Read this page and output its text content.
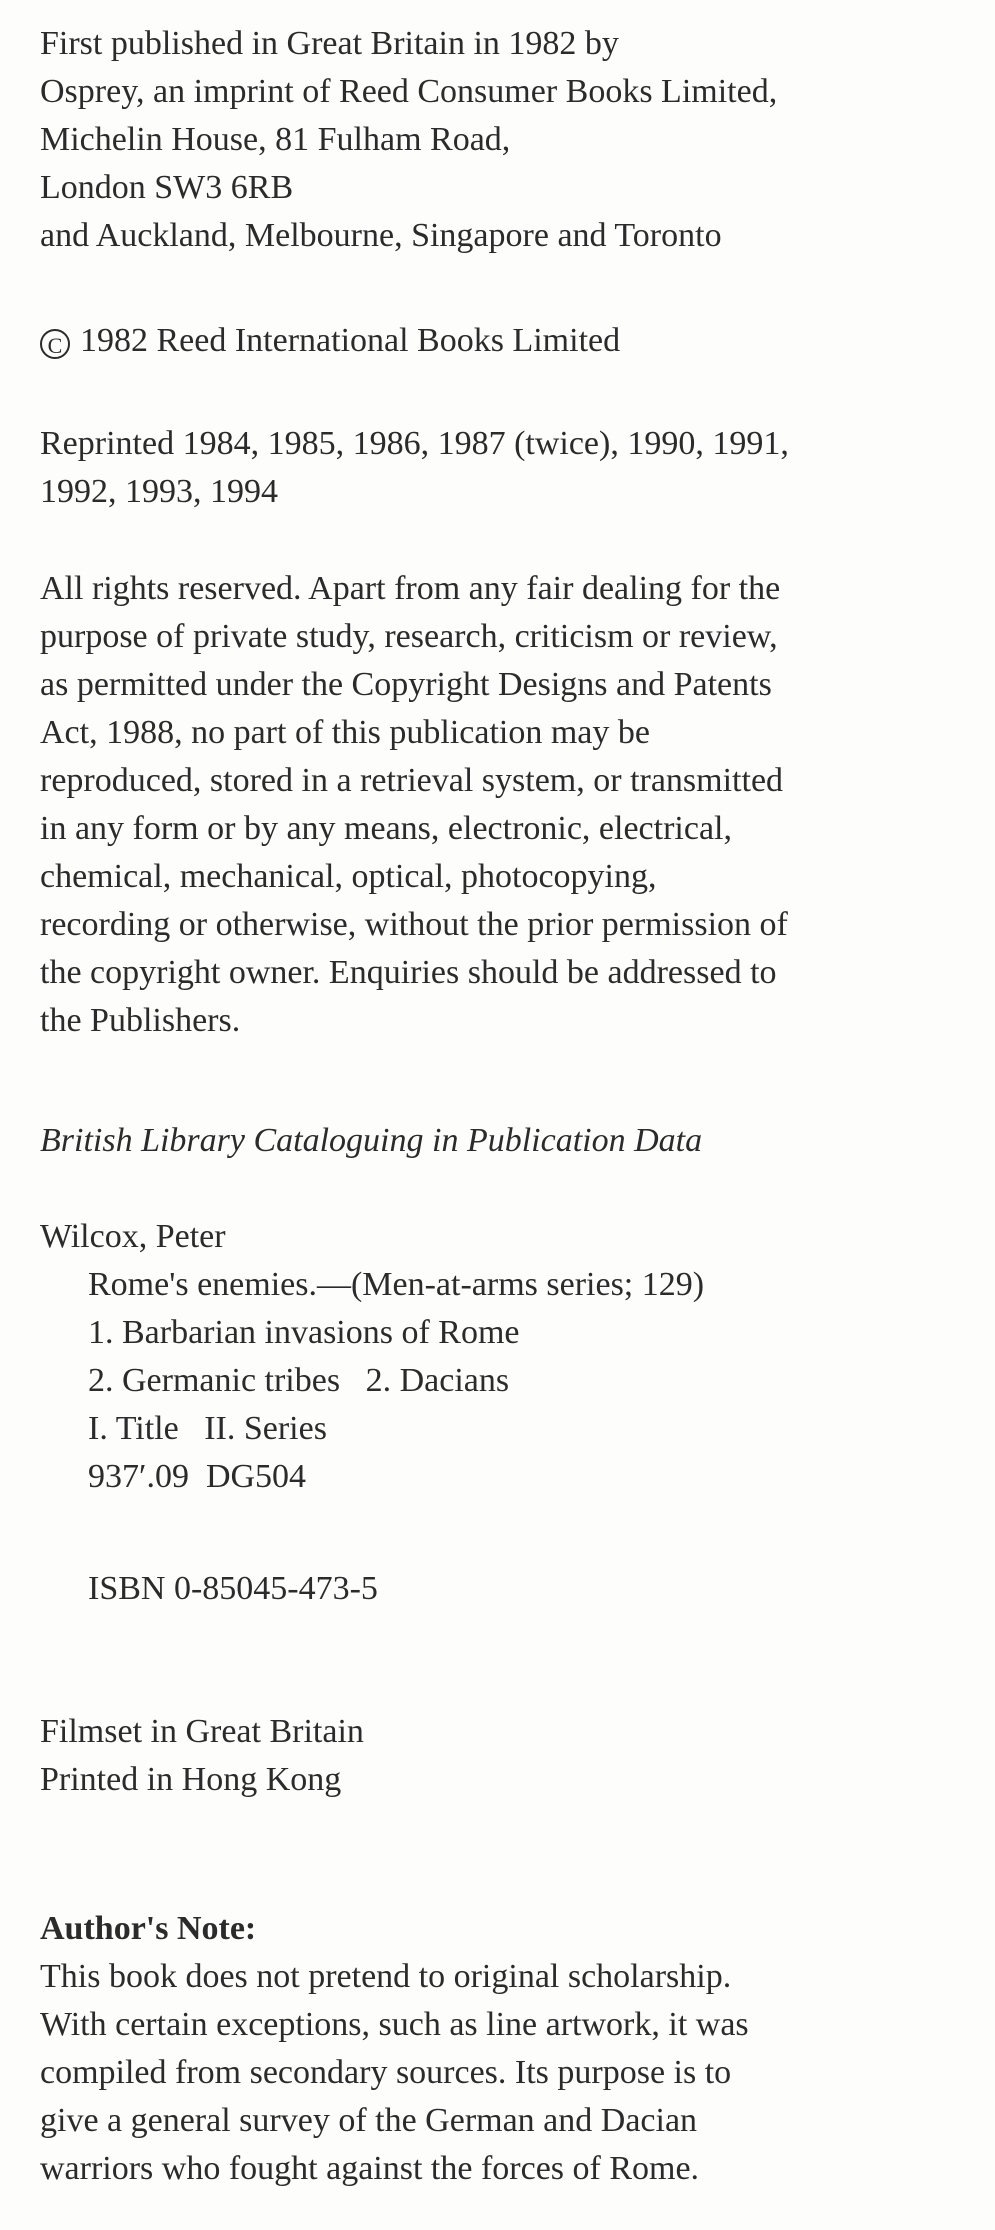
First published in Great Britain in 1982 by
Osprey, an imprint of Reed Consumer Books Limited,
Michelin House, 81 Fulham Road,
London SW3 6RB
and Auckland, Melbourne, Singapore and Toronto
C 1982 Reed International Books Limited
Reprinted 1984, 1985, 1986, 1987 (twice), 1990, 1991,
1992, 1993, 1994
All rights reserved. Apart from any fair dealing for the
purpose of private study, research, criticism or review,
as permitted under the Copyright Designs and Patents
Act, 1988, no part of this publication may be
reproduced, stored in a retrieval system, or transmitted
in any form or by any means, electronic, electrical,
chemical, mechanical, optical, photocopying,
recording or otherwise, without the prior permission of
the copyright owner. Enquiries should be addressed to
the Publishers.
British Library Cataloguing in Publication Data
Wilcox, Peter
Rome's enemies.—(Men-at-arms series; 129)
1. Barbarian invasions of Rome
2. Germanic tribes   2. Dacians
I. Title   II. Series
937′.09  DG504
ISBN 0-85045-473-5
Filmset in Great Britain
Printed in Hong Kong
Author's Note:
This book does not pretend to original scholarship.
With certain exceptions, such as line artwork, it was
compiled from secondary sources. Its purpose is to
give a general survey of the German and Dacian
warriors who fought against the forces of Rome.
